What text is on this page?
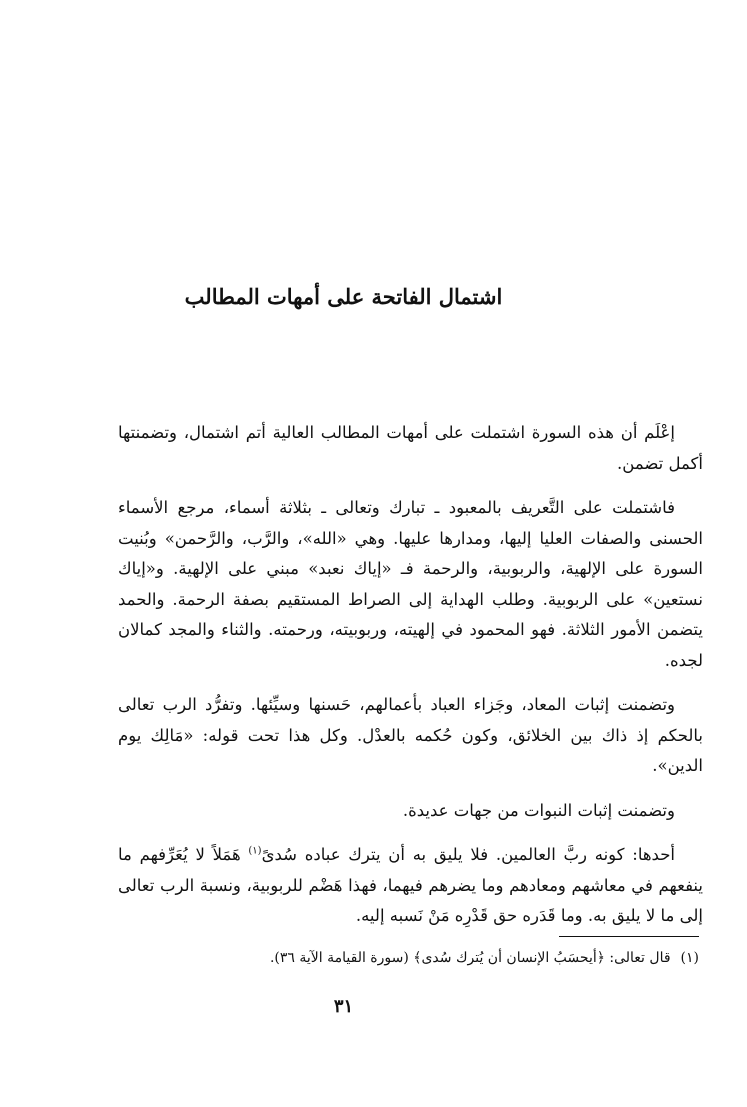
اشتمال الفاتحة على أمهات المطالب

إعْلَم أن هذه السورة اشتملت على أمهات المطالب العالية أتم اشتمال، وتضمنتها أكمل تضمن.

فاشتملت على التَّعريف بالمعبود ـ تبارك وتعالى ـ بثلاثة أسماء، مرجع الأسماء الحسنى والصفات العليا إليها، ومدارها عليها. وهي «الله»، والرَّب، والرَّحمن» وبُنيت السورة على الإلهية، والربوبية، والرحمة فـ «إياك نعبد» مبني على الإلهية. و«إياك نستعين» على الربوبية. وطلب الهداية إلى الصراط المستقيم بصفة الرحمة. والحمد يتضمن الأمور الثلاثة. فهو المحمود في إلهيته، وربوبيته، ورحمته. والثناء والمجد كمالان لجده.

وتضمنت إثبات المعاد، وجَزاء العباد بأعمالهم، حَسنها وسيِّئها. وتفرُّد الرب تعالى بالحكم إذ ذاك بين الخلائق، وكون حُكمه بالعدْل. وكل هذا تحت قوله: «مَالِك يوم الدين».

وتضمنت إثبات النبوات من جهات عديدة.

أحدها: كونه ربَّ العالمين. فلا يليق به أن يترك عباده سُدىً$^{(١)}$ هَمَلاً لا يُعَرِّفهم ما ينفعهم في معاشهم ومعادهم وما يضرهم فيهما، فهذا هَضْم للربوبية، ونسبة الرب تعالى إلى ما لا يليق به. وما قَدَره حق قَدْرِه مَنْ نَسبه إليه.

(١)قال تعالى: ﴿أيحسَبُ الإنسان أن يُترك سُدى﴾ (سورة القيامة الآية ٣٦).
٣١
